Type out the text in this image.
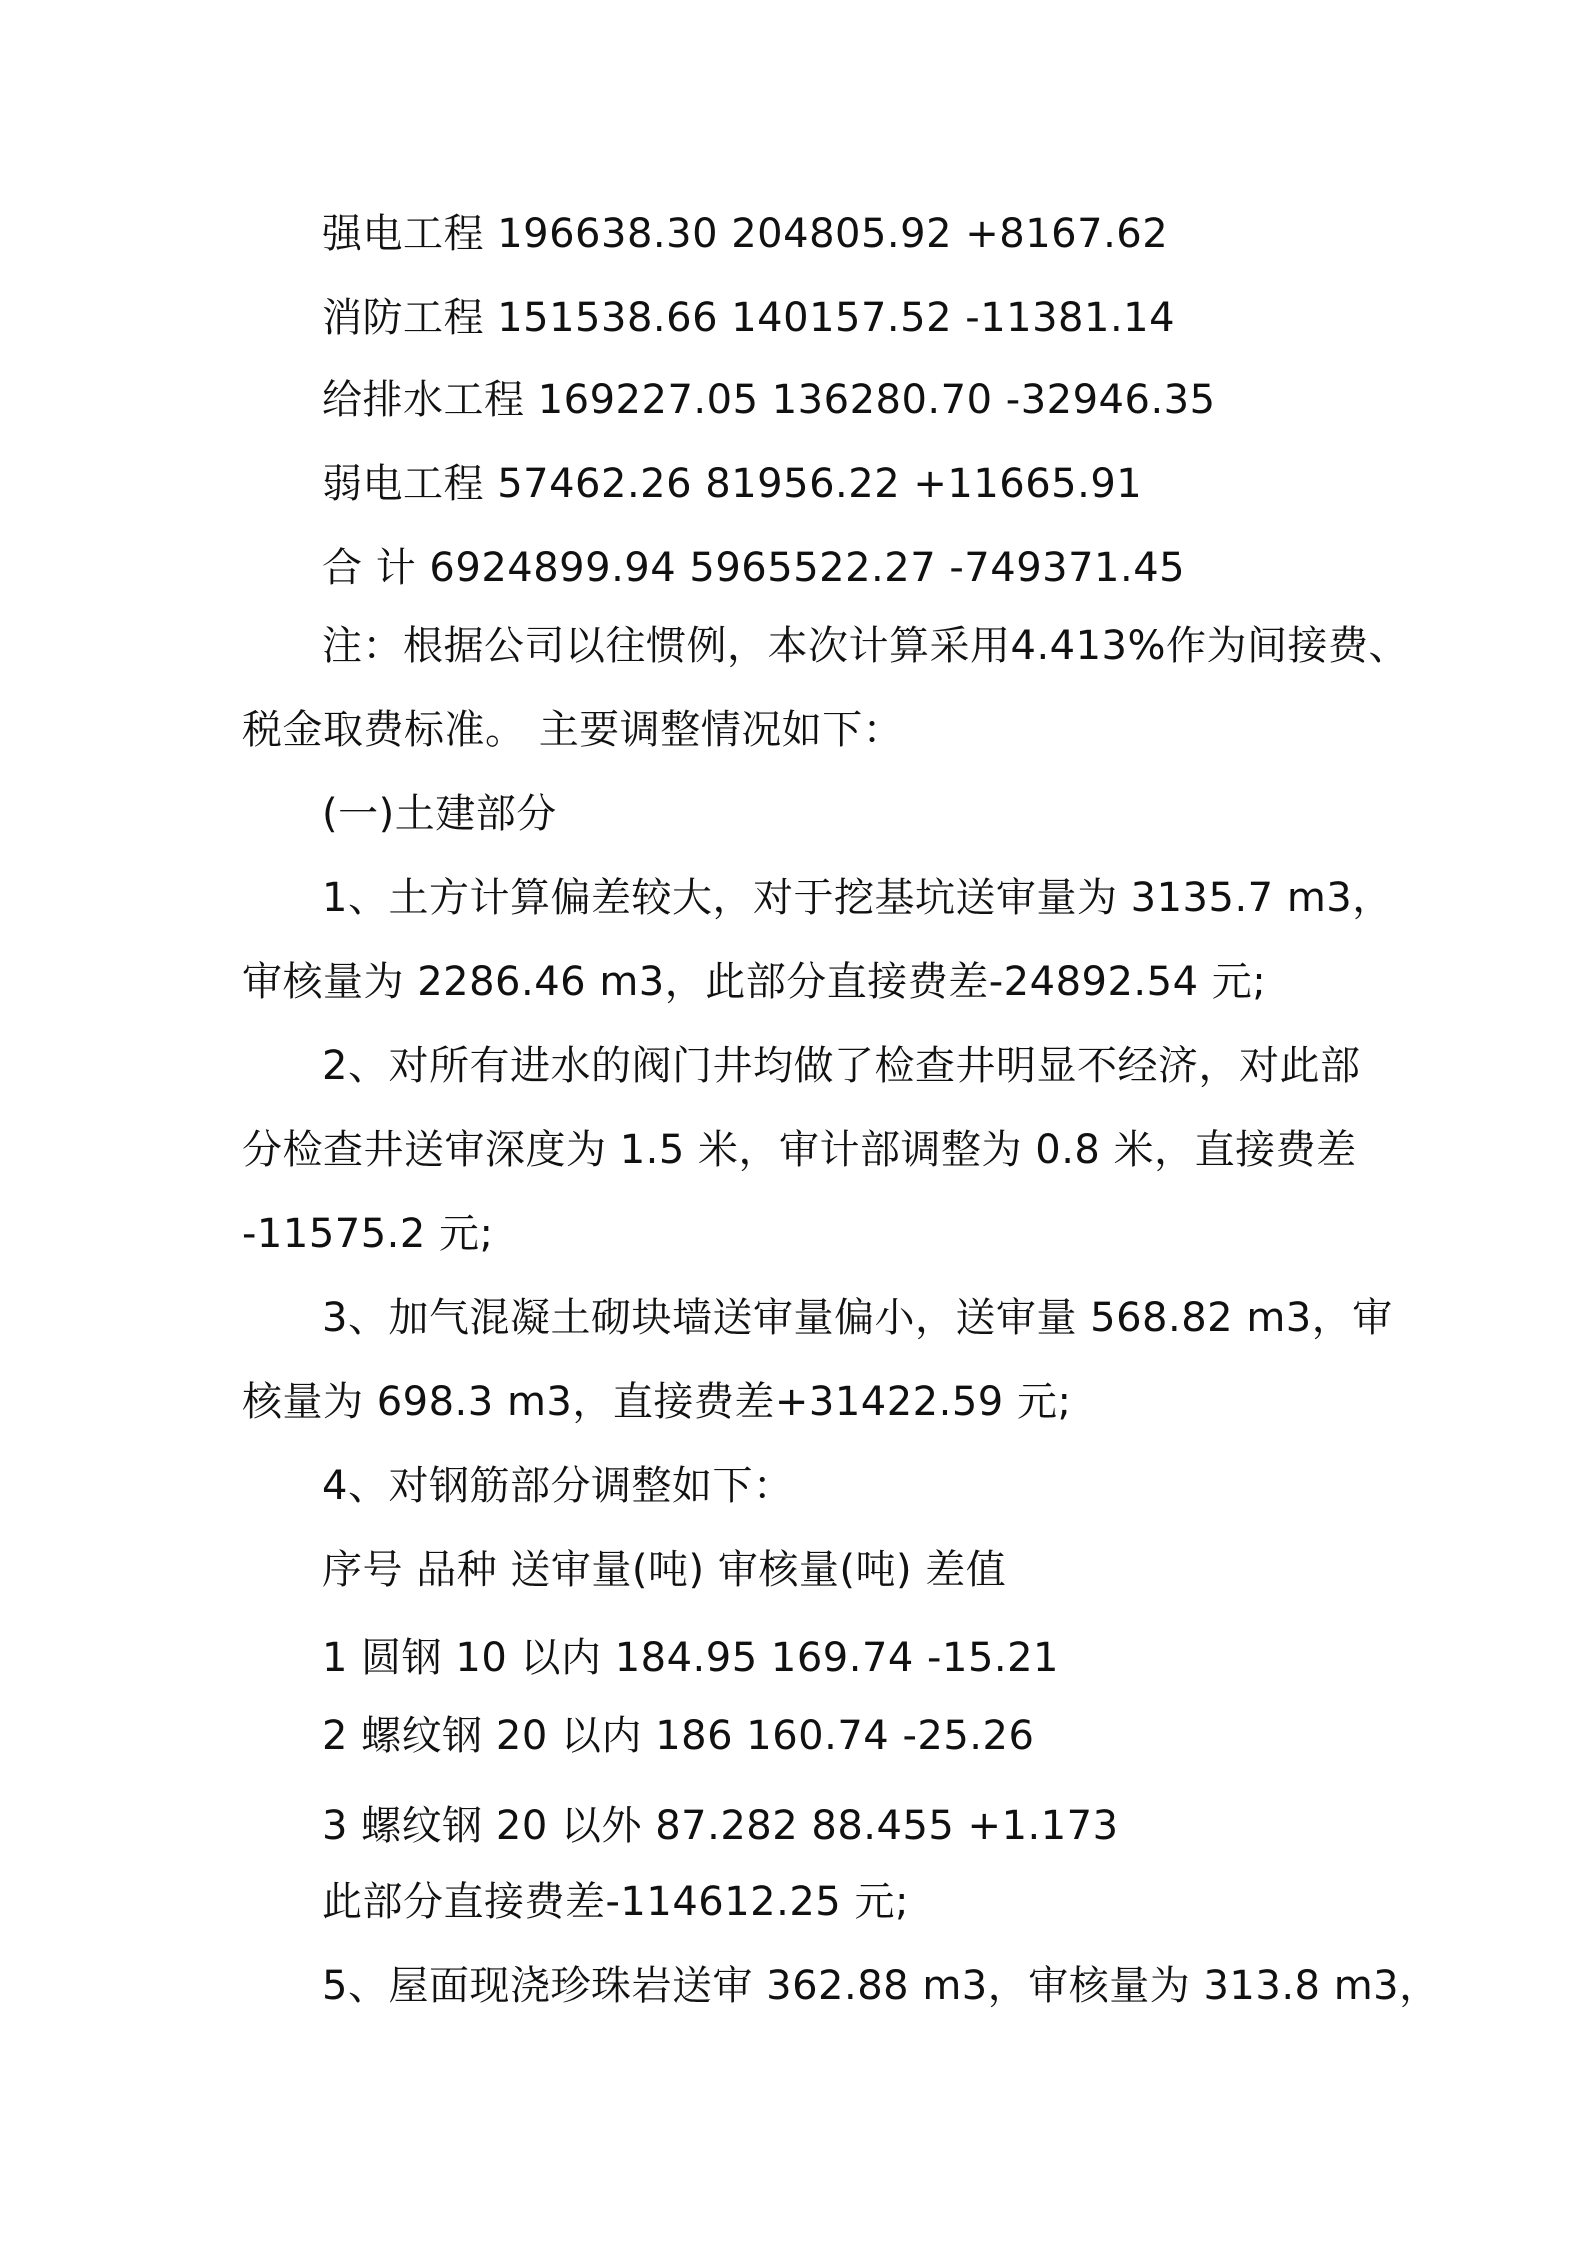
强电工程 196638.30 204805.92 +8167.62
消防工程 151538.66 140157.52 -11381.14
给排水工程 169227.05 136280.70 -32946.35
弱电工程 57462.26 81956.22 +11665.91
合 计 6924899.94 5965522.27 -749371.45
注：根据公司以往惯例，本次计算采用4.413%作为间接费、
税金取费标准。 主要调整情况如下：
(一)土建部分
1、土方计算偏差较大，对于挖基坑送审量为 3135.7 m3，
审核量为 2286.46 m3，此部分直接费差-24892.54 元;
2、对所有进水的阀门井均做了检查井明显不经济，对此部
分检查井送审深度为 1.5 米，审计部调整为 0.8 米，直接费差
-11575.2 元;
3、加气混凝土砌块墙送审量偏小，送审量 568.82 m3，审
核量为 698.3 m3，直接费差+31422.59 元;
4、对钢筋部分调整如下：
序号 品种 送审量(吨) 审核量(吨) 差值
1 圆钢 10 以内 184.95 169.74 -15.21
2 螺纹钢 20 以内 186 160.74 -25.26
3 螺纹钢 20 以外 87.282 88.455 +1.173
此部分直接费差-114612.25 元;
5、屋面现浇珍珠岩送审 362.88 m3，审核量为 313.8 m3，
